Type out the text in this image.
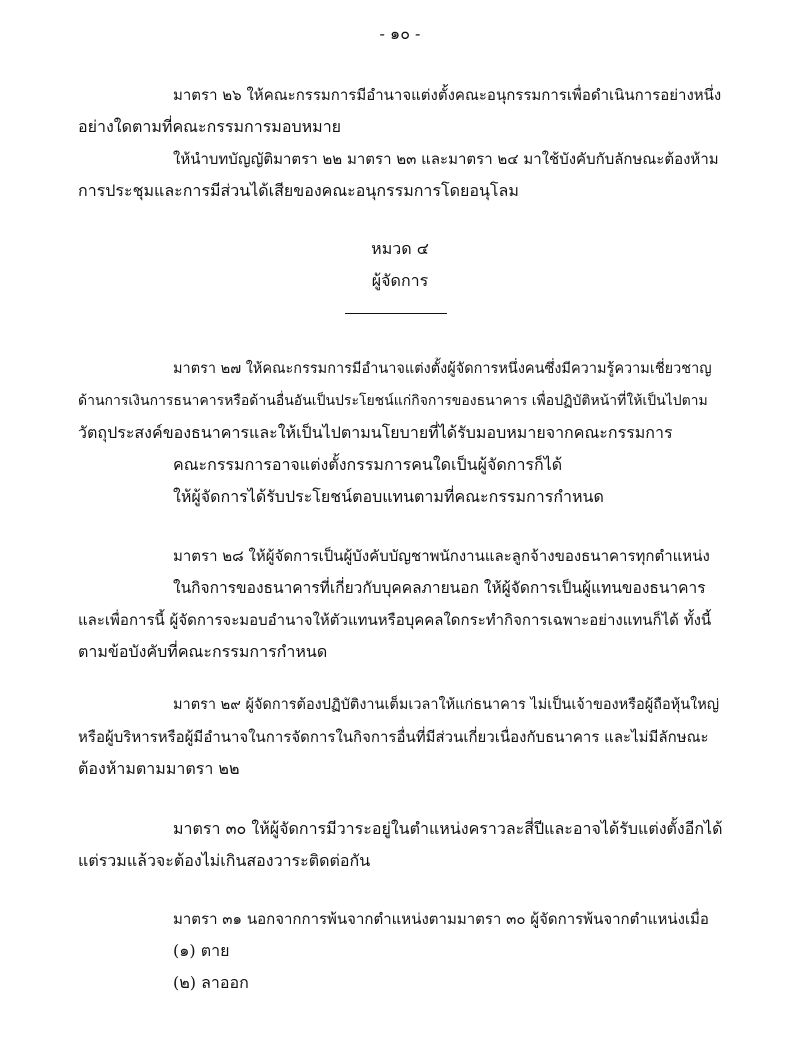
- ๑๐ -
มาตรา ๒๖ ให้คณะกรรมการมีอำนาจแต่งตั้งคณะอนุกรรมการเพื่อดำเนินการอย่างหนึ่ง
อย่างใดตามที่คณะกรรมการมอบหมาย
ให้นำบทบัญญัติมาตรา ๒๒ มาตรา ๒๓ และมาตรา ๒๔ มาใช้บังคับกับลักษณะต้องห้าม
การประชุมและการมีส่วนได้เสียของคณะอนุกรรมการโดยอนุโลม
หมวด ๔
ผู้จัดการ
มาตรา ๒๗ ให้คณะกรรมการมีอำนาจแต่งตั้งผู้จัดการหนึ่งคนซึ่งมีความรู้ความเชี่ยวชาญ
ด้านการเงินการธนาคารหรือด้านอื่นอันเป็นประโยชน์แก่กิจการของธนาคาร เพื่อปฏิบัติหน้าที่ให้เป็นไปตาม
วัตถุประสงค์ของธนาคารและให้เป็นไปตามนโยบายที่ได้รับมอบหมายจากคณะกรรมการ
คณะกรรมการอาจแต่งตั้งกรรมการคนใดเป็นผู้จัดการก็ได้
ให้ผู้จัดการได้รับประโยชน์ตอบแทนตามที่คณะกรรมการกำหนด
มาตรา ๒๘ ให้ผู้จัดการเป็นผู้บังคับบัญชาพนักงานและลูกจ้างของธนาคารทุกตำแหน่ง
ในกิจการของธนาคารที่เกี่ยวกับบุคคลภายนอก ให้ผู้จัดการเป็นผู้แทนของธนาคาร
และเพื่อการนี้ ผู้จัดการจะมอบอำนาจให้ตัวแทนหรือบุคคลใดกระทำกิจการเฉพาะอย่างแทนก็ได้ ทั้งนี้
ตามข้อบังคับที่คณะกรรมการกำหนด
มาตรา ๒๙ ผู้จัดการต้องปฏิบัติงานเต็มเวลาให้แก่ธนาคาร ไม่เป็นเจ้าของหรือผู้ถือหุ้นใหญ่
หรือผู้บริหารหรือผู้มีอำนาจในการจัดการในกิจการอื่นที่มีส่วนเกี่ยวเนื่องกับธนาคาร และไม่มีลักษณะ
ต้องห้ามตามมาตรา ๒๒
มาตรา ๓๐ ให้ผู้จัดการมีวาระอยู่ในตำแหน่งคราวละสี่ปีและอาจได้รับแต่งตั้งอีกได้
แต่รวมแล้วจะต้องไม่เกินสองวาระติดต่อกัน
มาตรา ๓๑ นอกจากการพ้นจากตำแหน่งตามมาตรา ๓๐ ผู้จัดการพ้นจากตำแหน่งเมื่อ
(๑) ตาย
(๒) ลาออก
